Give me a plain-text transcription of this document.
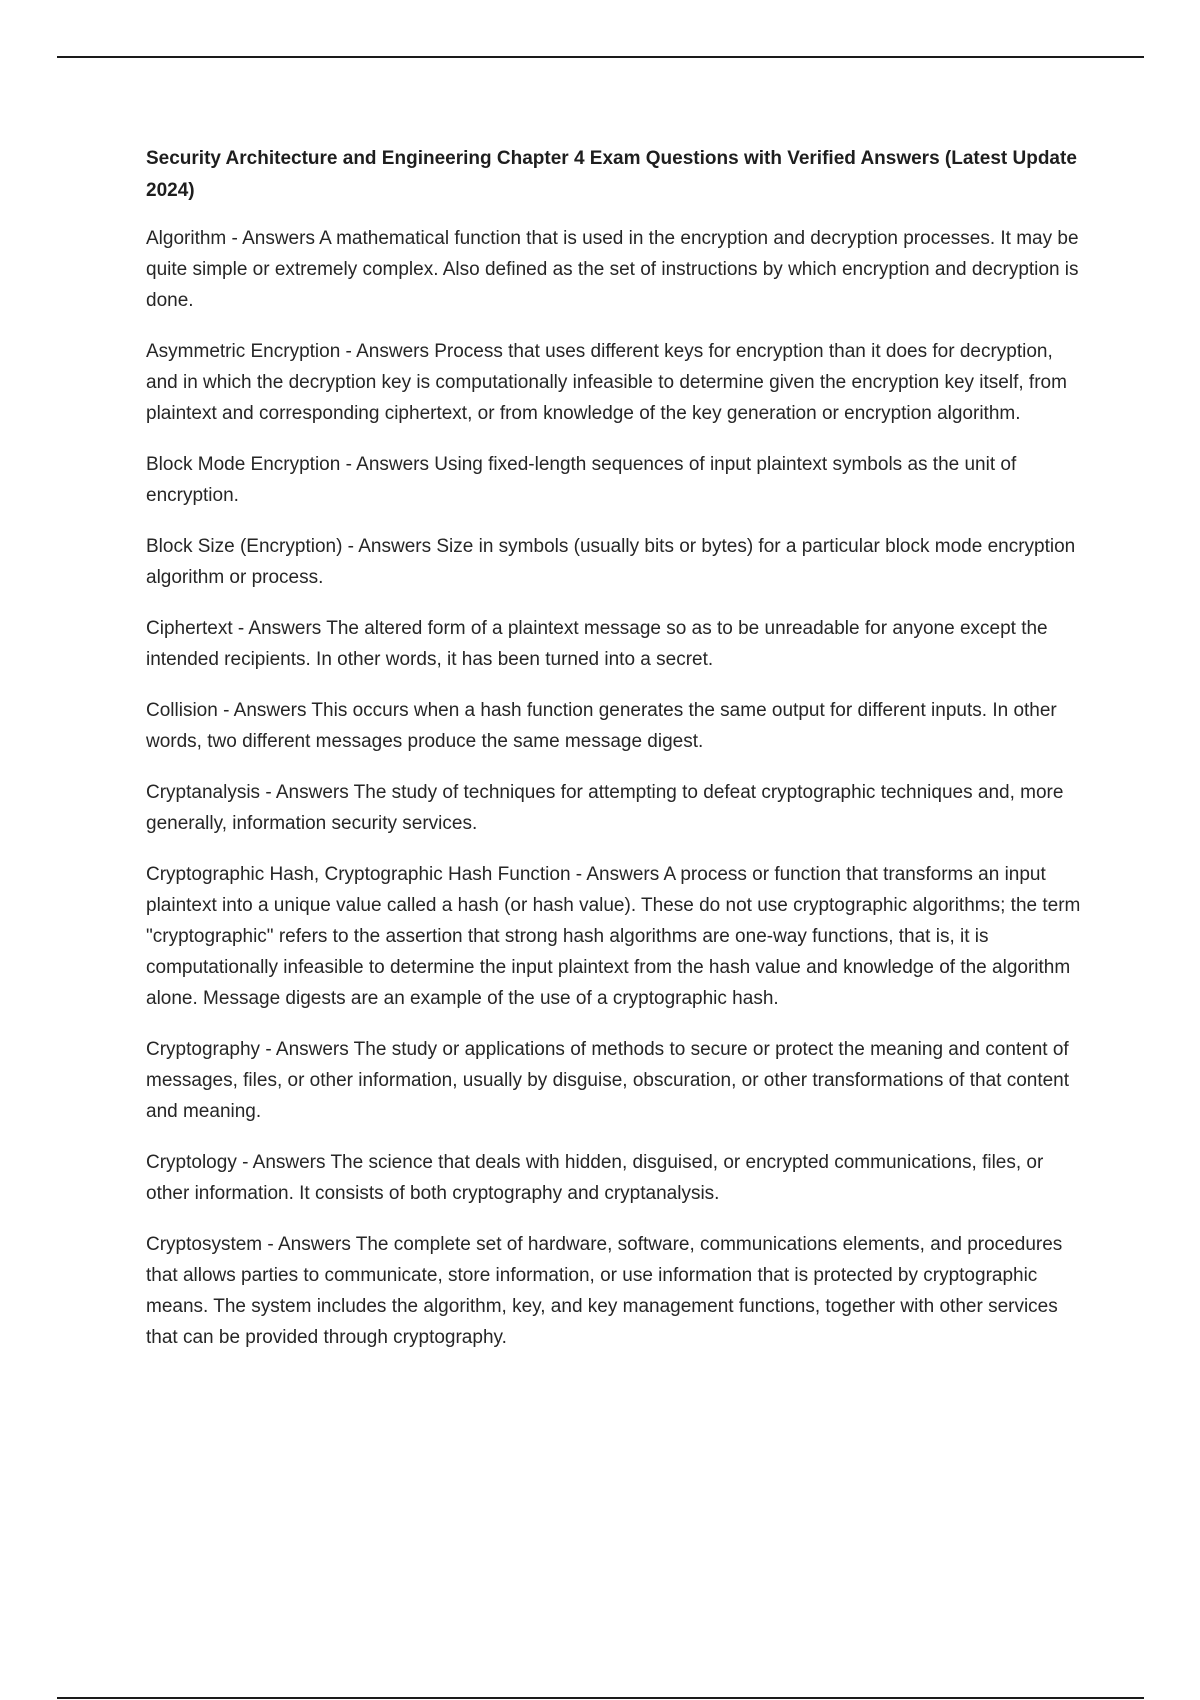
Security Architecture and Engineering Chapter 4 Exam Questions with Verified Answers (Latest Update 2024)

Algorithm - Answers A mathematical function that is used in the encryption and decryption processes. It may be quite simple or extremely complex. Also defined as the set of instructions by which encryption and decryption is done.

Asymmetric Encryption - Answers Process that uses different keys for encryption than it does for decryption, and in which the decryption key is computationally infeasible to determine given the encryption key itself, from plaintext and corresponding ciphertext, or from knowledge of the key generation or encryption algorithm.

Block Mode Encryption - Answers Using fixed-length sequences of input plaintext symbols as the unit of encryption.

Block Size (Encryption) - Answers Size in symbols (usually bits or bytes) for a particular block mode encryption algorithm or process.

Ciphertext - Answers The altered form of a plaintext message so as to be unreadable for anyone except the intended recipients. In other words, it has been turned into a secret.

Collision - Answers This occurs when a hash function generates the same output for different inputs. In other words, two different messages produce the same message digest.

Cryptanalysis - Answers The study of techniques for attempting to defeat cryptographic techniques and, more generally, information security services.

Cryptographic Hash, Cryptographic Hash Function - Answers A process or function that transforms an input plaintext into a unique value called a hash (or hash value). These do not use cryptographic algorithms; the term "cryptographic" refers to the assertion that strong hash algorithms are one-way functions, that is, it is computationally infeasible to determine the input plaintext from the hash value and knowledge of the algorithm alone. Message digests are an example of the use of a cryptographic hash.

Cryptography - Answers The study or applications of methods to secure or protect the meaning and content of messages, files, or other information, usually by disguise, obscuration, or other transformations of that content and meaning.

Cryptology - Answers The science that deals with hidden, disguised, or encrypted communications, files, or other information. It consists of both cryptography and cryptanalysis.

Cryptosystem - Answers The complete set of hardware, software, communications elements, and procedures that allows parties to communicate, store information, or use information that is protected by cryptographic means. The system includes the algorithm, key, and key management functions, together with other services that can be provided through cryptography.
